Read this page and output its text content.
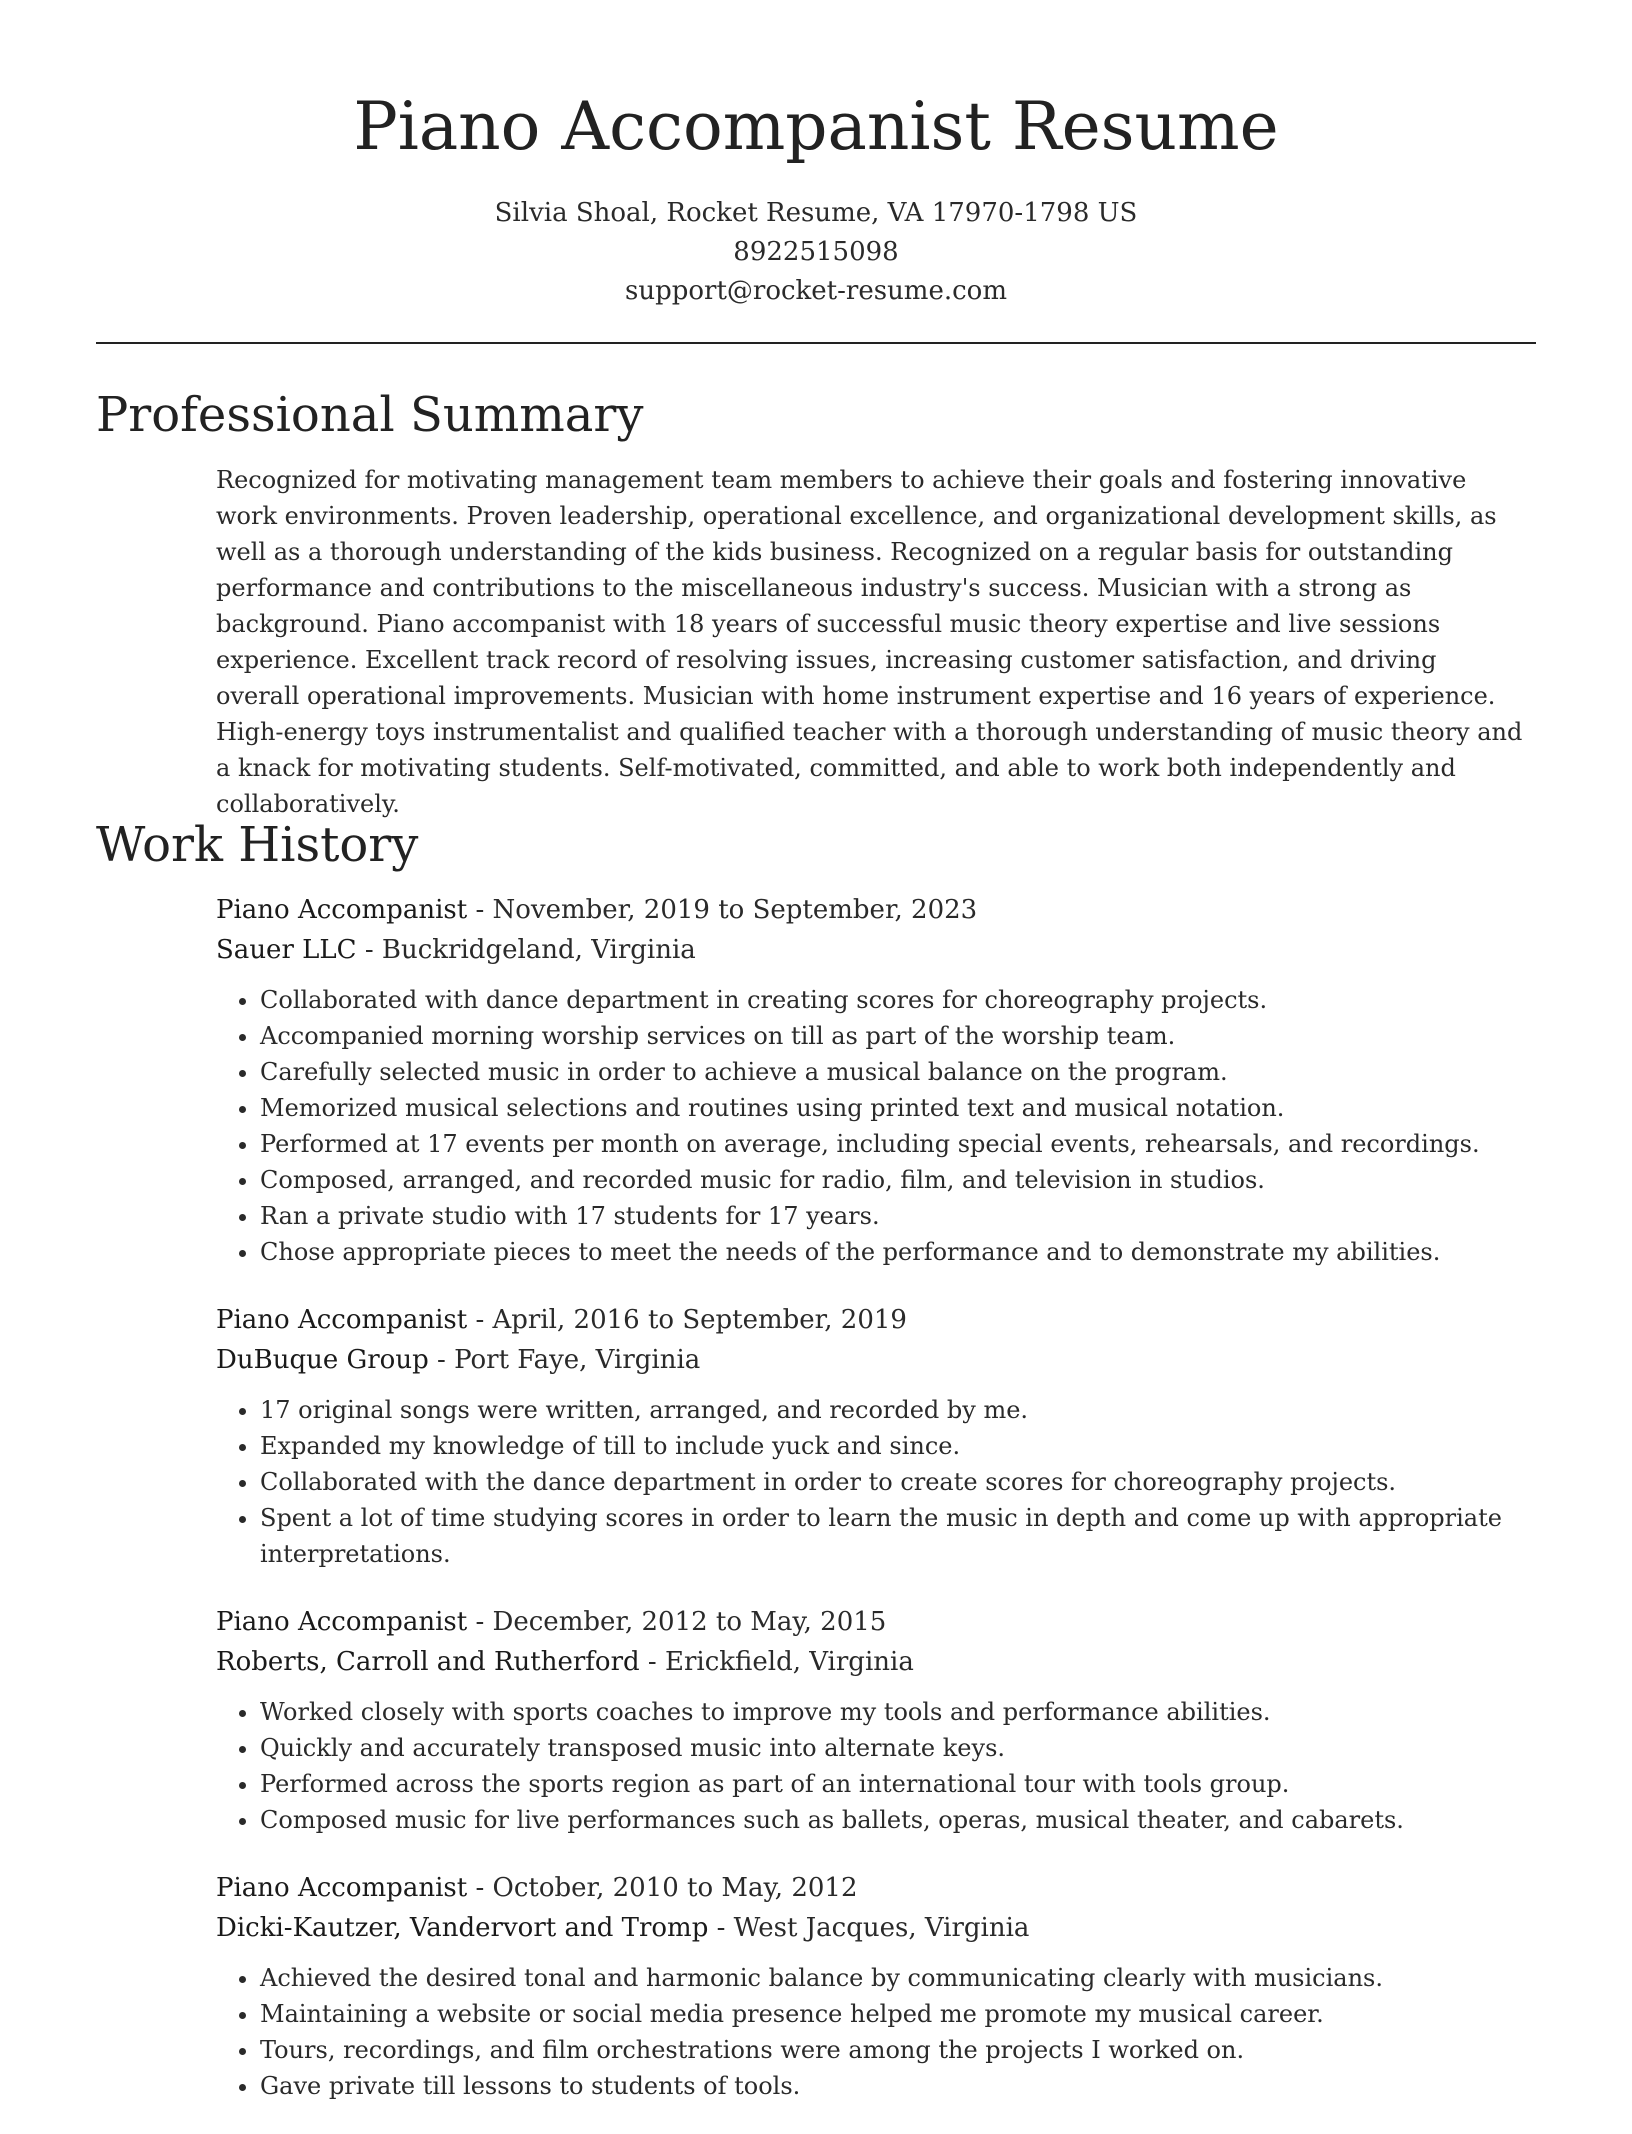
Piano Accompanist Resume
Silvia Shoal, Rocket Resume, VA 17970-1798 US
8922515098
support@rocket-resume.com
Professional Summary

Recognized for motivating management team members to achieve their goals and fostering innovative work environments. Proven leadership, operational excellence, and organizational development skills, as well as a thorough understanding of the kids business. Recognized on a regular basis for outstanding performance and contributions to the miscellaneous industry's success. Musician with a strong as background. Piano accompanist with 18 years of successful music theory expertise and live sessions experience. Excellent track record of resolving issues, increasing customer satisfaction, and driving overall operational improvements. Musician with home instrument expertise and 16 years of experience. High-energy toys instrumentalist and qualified teacher with a thorough understanding of music theory and a knack for motivating students. Self-motivated, committed, and able to work both independently and collaboratively.

Work History
Piano Accompanist - November, 2019 to September, 2023
Sauer LLC - Buckridgeland, Virginia
• Collaborated with dance department in creating scores for choreography projects.
• Accompanied morning worship services on till as part of the worship team.
• Carefully selected music in order to achieve a musical balance on the program.
• Memorized musical selections and routines using printed text and musical notation.
• Performed at 17 events per month on average, including special events, rehearsals, and recordings.
• Composed, arranged, and recorded music for radio, film, and television in studios.
• Ran a private studio with 17 students for 17 years.
• Chose appropriate pieces to meet the needs of the performance and to demonstrate my abilities.
Piano Accompanist - April, 2016 to September, 2019
DuBuque Group - Port Faye, Virginia
• 17 original songs were written, arranged, and recorded by me.
• Expanded my knowledge of till to include yuck and since.
• Collaborated with the dance department in order to create scores for choreography projects.
• Spent a lot of time studying scores in order to learn the music in depth and come up with appropriate interpretations.
Piano Accompanist - December, 2012 to May, 2015
Roberts, Carroll and Rutherford - Erickfield, Virginia
• Worked closely with sports coaches to improve my tools and performance abilities.
• Quickly and accurately transposed music into alternate keys.
• Performed across the sports region as part of an international tour with tools group.
• Composed music for live performances such as ballets, operas, musical theater, and cabarets.
Piano Accompanist - October, 2010 to May, 2012
Dicki-Kautzer, Vandervort and Tromp - West Jacques, Virginia
• Achieved the desired tonal and harmonic balance by communicating clearly with musicians.
• Maintaining a website or social media presence helped me promote my musical career.
• Tours, recordings, and film orchestrations were among the projects I worked on.
• Gave private till lessons to students of tools.
